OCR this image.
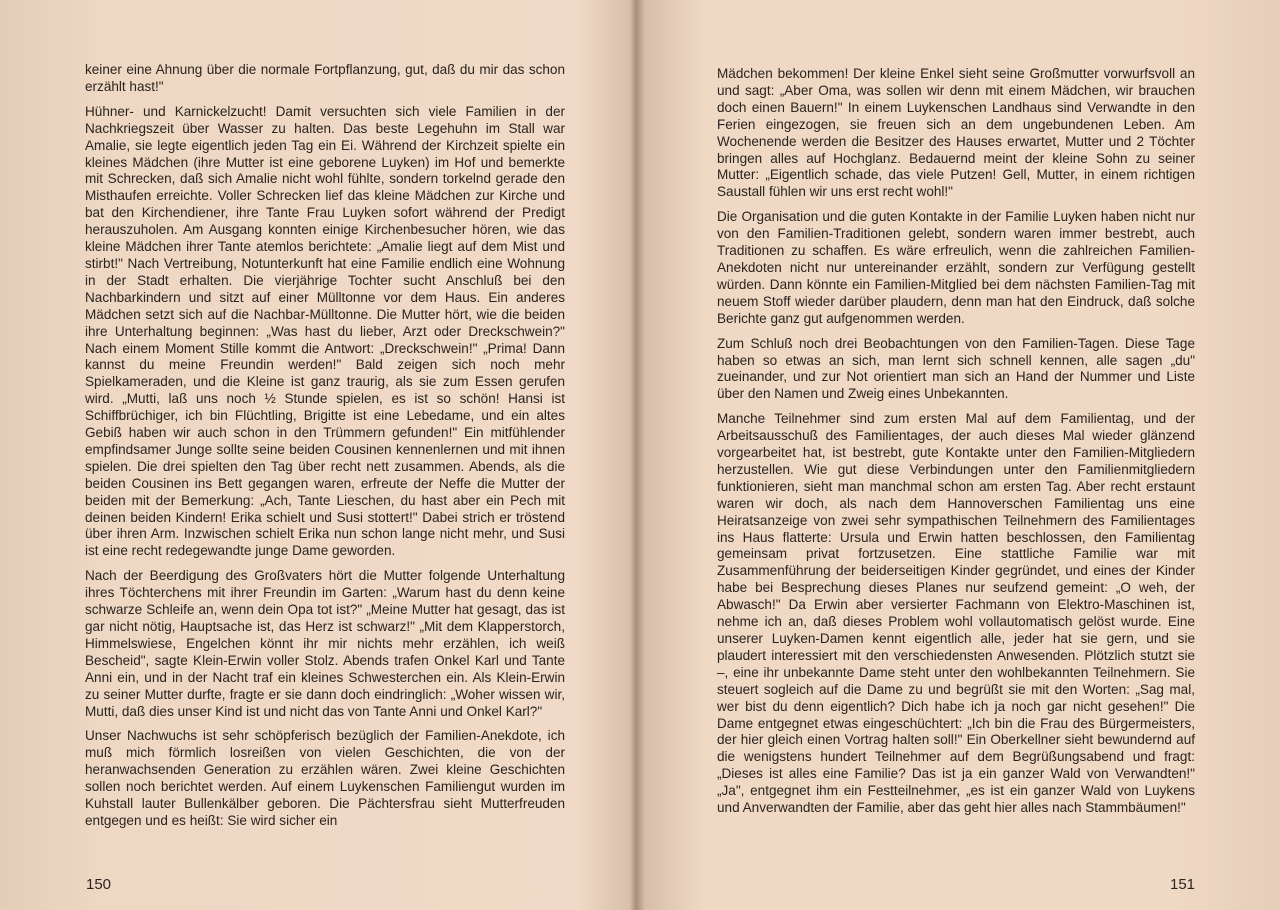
keiner eine Ahnung über die normale Fortpflanzung, gut, daß du mir das schon erzählt hast!"

Hühner- und Karnickelzucht! Damit versuchten sich viele Familien in der Nachkriegszeit über Wasser zu halten. Das beste Legehuhn im Stall war Amalie, sie legte eigentlich jeden Tag ein Ei. Während der Kirchzeit spielte ein kleines Mädchen (ihre Mutter ist eine geborene Luyken) im Hof und bemerkte mit Schrecken, daß sich Amalie nicht wohl fühlte, sondern torkelnd gerade den Misthaufen erreichte. Voller Schrecken lief das kleine Mädchen zur Kirche und bat den Kirchendiener, ihre Tante Frau Luyken sofort während der Predigt herauszuholen. Am Ausgang konnten einige Kirchenbesucher hören, wie das kleine Mädchen ihrer Tante atemlos berichtete: „Amalie liegt auf dem Mist und stirbt!" Nach Vertreibung, Notunterkunft hat eine Familie endlich eine Wohnung in der Stadt erhalten. Die vierjährige Tochter sucht Anschluß bei den Nachbarkindern und sitzt auf einer Mülltonne vor dem Haus. Ein anderes Mädchen setzt sich auf die Nachbar-Mülltonne. Die Mutter hört, wie die beiden ihre Unterhaltung beginnen: „Was hast du lieber, Arzt oder Dreckschwein?" Nach einem Moment Stille kommt die Antwort: „Dreckschwein!" „Prima! Dann kannst du meine Freundin werden!" Bald zeigen sich noch mehr Spielkameraden, und die Kleine ist ganz traurig, als sie zum Essen gerufen wird. „Mutti, laß uns noch ½ Stunde spielen, es ist so schön! Hansi ist Schiffbrüchiger, ich bin Flüchtling, Brigitte ist eine Lebedame, und ein altes Gebiß haben wir auch schon in den Trümmern gefunden!" Ein mitfühlender empfindsamer Junge sollte seine beiden Cousinen kennenlernen und mit ihnen spielen. Die drei spielten den Tag über recht nett zusammen. Abends, als die beiden Cousinen ins Bett gegangen waren, erfreute der Neffe die Mutter der beiden mit der Bemerkung: „Ach, Tante Lieschen, du hast aber ein Pech mit deinen beiden Kindern! Erika schielt und Susi stottert!" Dabei strich er tröstend über ihren Arm. Inzwischen schielt Erika nun schon lange nicht mehr, und Susi ist eine recht redegewandte junge Dame geworden.

Nach der Beerdigung des Großvaters hört die Mutter folgende Unterhaltung ihres Töchterchens mit ihrer Freundin im Garten: „Warum hast du denn keine schwarze Schleife an, wenn dein Opa tot ist?" „Meine Mutter hat gesagt, das ist gar nicht nötig, Hauptsache ist, das Herz ist schwarz!" „Mit dem Klapperstorch, Himmelswiese, Engelchen könnt ihr mir nichts mehr erzählen, ich weiß Bescheid", sagte Klein-Erwin voller Stolz. Abends trafen Onkel Karl und Tante Anni ein, und in der Nacht traf ein kleines Schwesterchen ein. Als Klein-Erwin zu seiner Mutter durfte, fragte er sie dann doch eindringlich: „Woher wissen wir, Mutti, daß dies unser Kind ist und nicht das von Tante Anni und Onkel Karl?"

Unser Nachwuchs ist sehr schöpferisch bezüglich der Familien-Anekdote, ich muß mich förmlich losreißen von vielen Geschichten, die von der heranwachsenden Generation zu erzählen wären. Zwei kleine Geschichten sollen noch berichtet werden. Auf einem Luykenschen Familiengut wurden im Kuhstall lauter Bullenkälber geboren. Die Pächtersfrau sieht Mutterfreuden entgegen und es heißt: Sie wird sicher ein

150

Mädchen bekommen! Der kleine Enkel sieht seine Großmutter vorwurfsvoll an und sagt: „Aber Oma, was sollen wir denn mit einem Mädchen, wir brauchen doch einen Bauern!" In einem Luykenschen Landhaus sind Verwandte in den Ferien eingezogen, sie freuen sich an dem ungebundenen Leben. Am Wochenende werden die Besitzer des Hauses erwartet, Mutter und 2 Töchter bringen alles auf Hochglanz. Bedauernd meint der kleine Sohn zu seiner Mutter: „Eigentlich schade, das viele Putzen! Gell, Mutter, in einem richtigen Saustall fühlen wir uns erst recht wohl!"

Die Organisation und die guten Kontakte in der Familie Luyken haben nicht nur von den Familien-Traditionen gelebt, sondern waren immer bestrebt, auch Traditionen zu schaffen. Es wäre erfreulich, wenn die zahlreichen Familien-Anekdoten nicht nur untereinander erzählt, sondern zur Verfügung gestellt würden. Dann könnte ein Familien-Mitglied bei dem nächsten Familien-Tag mit neuem Stoff wieder darüber plaudern, denn man hat den Eindruck, daß solche Berichte ganz gut aufgenommen werden.

Zum Schluß noch drei Beobachtungen von den Familien-Tagen. Diese Tage haben so etwas an sich, man lernt sich schnell kennen, alle sagen „du" zueinander, und zur Not orientiert man sich an Hand der Nummer und Liste über den Namen und Zweig eines Unbekannten.

Manche Teilnehmer sind zum ersten Mal auf dem Familientag, und der Arbeitsausschuß des Familientages, der auch dieses Mal wieder glänzend vorgearbeitet hat, ist bestrebt, gute Kontakte unter den Familien-Mitgliedern herzustellen. Wie gut diese Verbindungen unter den Familienmitgliedern funktionieren, sieht man manchmal schon am ersten Tag. Aber recht erstaunt waren wir doch, als nach dem Hannoverschen Familientag uns eine Heiratsanzeige von zwei sehr sympathischen Teilnehmern des Familientages ins Haus flatterte: Ursula und Erwin hatten beschlossen, den Familientag gemeinsam privat fortzusetzen. Eine stattliche Familie war mit Zusammenführung der beiderseitigen Kinder gegründet, und eines der Kinder habe bei Besprechung dieses Planes nur seufzend gemeint: „O weh, der Abwasch!" Da Erwin aber versierter Fachmann von Elektro-Maschinen ist, nehme ich an, daß dieses Problem wohl vollautomatisch gelöst wurde. Eine unserer Luyken-Damen kennt eigentlich alle, jeder hat sie gern, und sie plaudert interessiert mit den verschiedensten Anwesenden. Plötzlich stutzt sie –, eine ihr unbekannte Dame steht unter den wohlbekannten Teilnehmern. Sie steuert sogleich auf die Dame zu und begrüßt sie mit den Worten: „Sag mal, wer bist du denn eigentlich? Dich habe ich ja noch gar nicht gesehen!" Die Dame entgegnet etwas eingeschüchtert: „Ich bin die Frau des Bürgermeisters, der hier gleich einen Vortrag halten soll!" Ein Oberkellner sieht bewundernd auf die wenigstens hundert Teilnehmer auf dem Begrüßungsabend und fragt: „Dieses ist alles eine Familie? Das ist ja ein ganzer Wald von Verwandten!" „Ja", entgegnet ihm ein Festteilnehmer, „es ist ein ganzer Wald von Luykens und Anverwandten der Familie, aber das geht hier alles nach Stammbäumen!"

151
